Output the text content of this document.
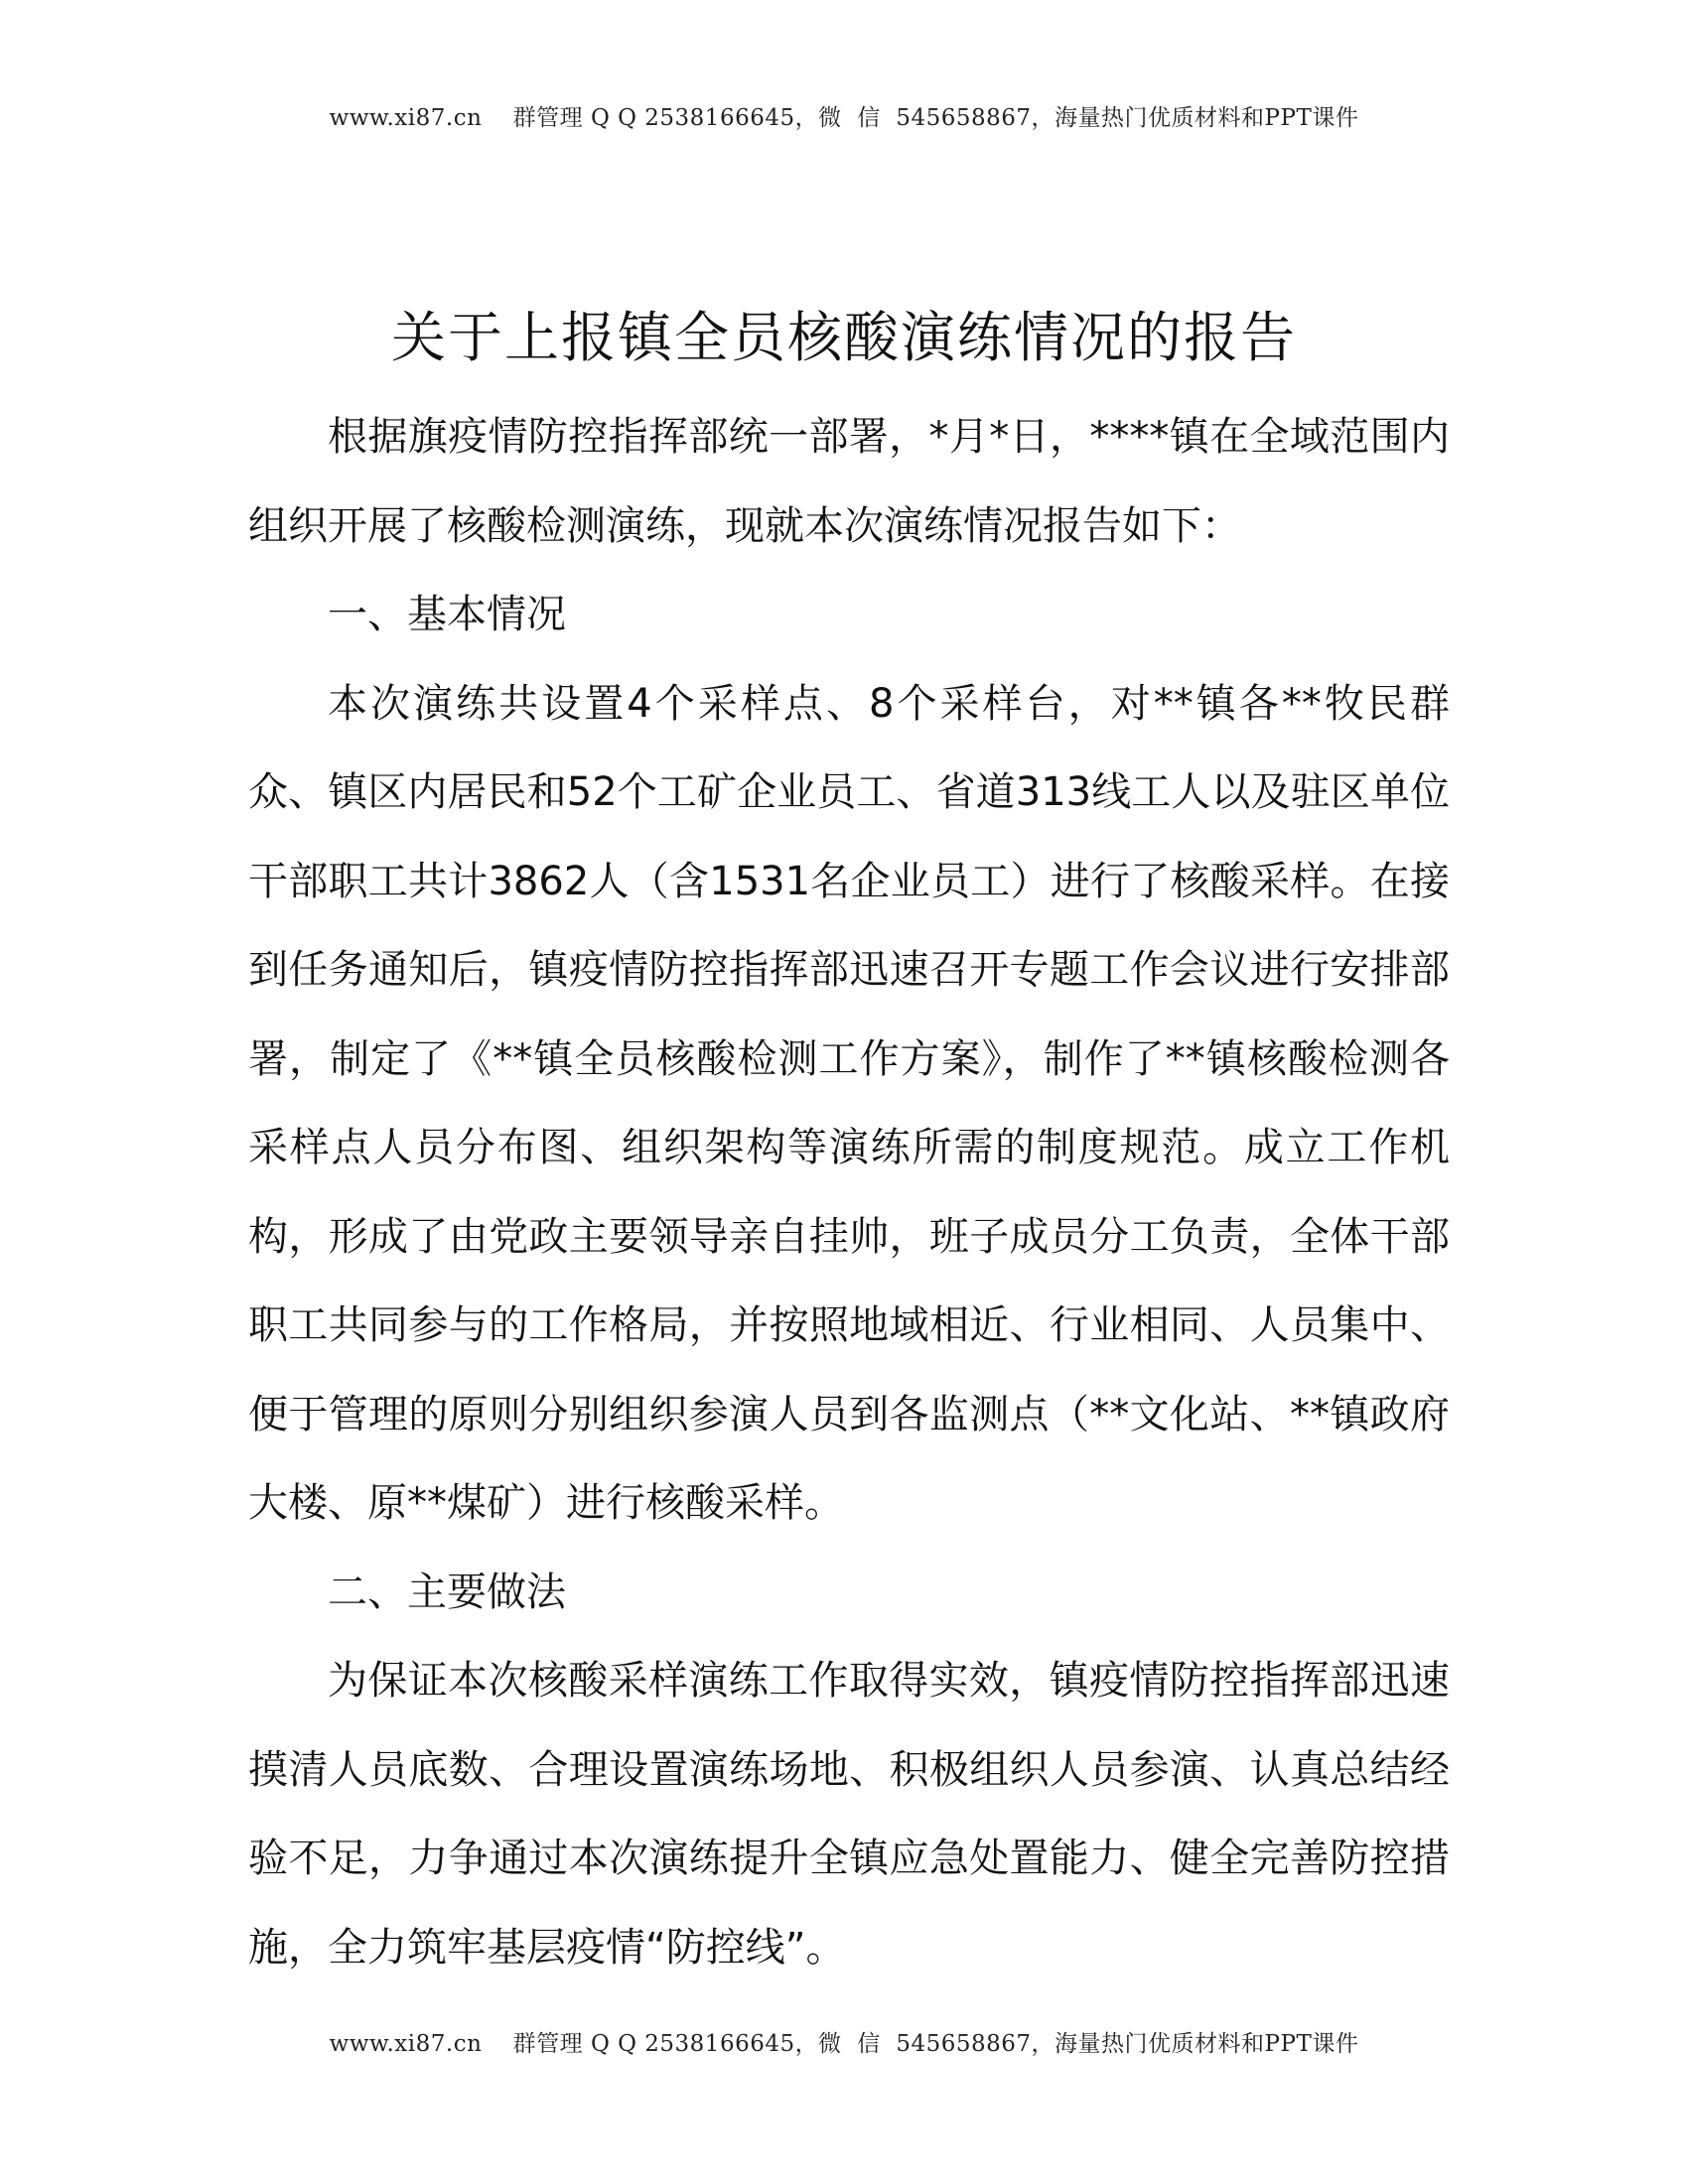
www.xi87.cn    群管理 Q Q 2538166645，微  信  545658867，海量热门优质材料和PPT课件
关于上报镇全员核酸演练情况的报告

根据旗疫情防控指挥部统一部署，*月*日，****镇在全域范围内组织开展了核酸检测演练，现就本次演练情况报告如下：

一、基本情况

本次演练共设置4个采样点、8个采样台，对**镇各**牧民群众、镇区内居民和52个工矿企业员工、省道313线工人以及驻区单位干部职工共计3862人（含1531名企业员工）进行了核酸采样。在接到任务通知后，镇疫情防控指挥部迅速召开专题工作会议进行安排部署，制定了《**镇全员核酸检测工作方案》，制作了**镇核酸检测各采样点人员分布图、组织架构等演练所需的制度规范。成立工作机构，形成了由党政主要领导亲自挂帅，班子成员分工负责，全体干部职工共同参与的工作格局，并按照地域相近、行业相同、人员集中、便于管理的原则分别组织参演人员到各监测点（**文化站、**镇政府大楼、原**煤矿）进行核酸采样。

二、主要做法

为保证本次核酸采样演练工作取得实效，镇疫情防控指挥部迅速摸清人员底数、合理设置演练场地、积极组织人员参演、认真总结经验不足，力争通过本次演练提升全镇应急处置能力、健全完善防控措施，全力筑牢基层疫情“防控线”。

www.xi87.cn    群管理 Q Q 2538166645，微  信  545658867，海量热门优质材料和PPT课件
